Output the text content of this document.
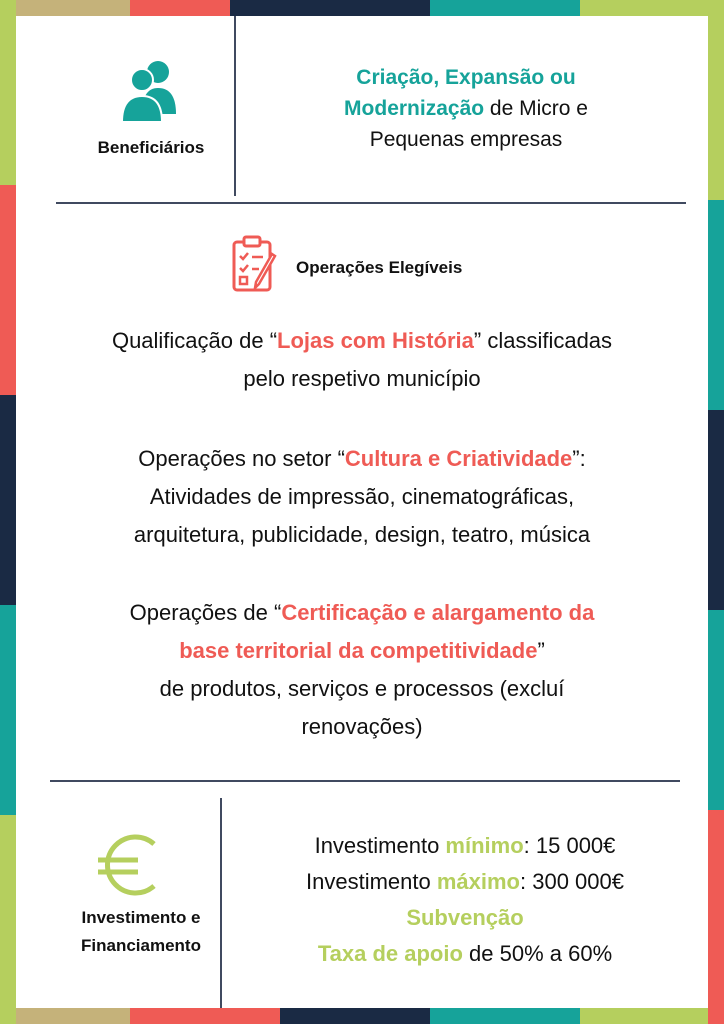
Beneficiários
Criação, Expansão ou
Modernização de Micro e
Pequenas empresas
Operações Elegíveis
Qualificação de “Lojas com História” classificadas
pelo respetivo município
Operações no setor “Cultura e Criatividade”:
Atividades de impressão, cinematográficas,
arquitetura, publicidade, design, teatro, música
Operações de “Certificação e alargamento da
base territorial da competitividade”
de produtos, serviços e processos (excluí
renovações)
Investimento e
Financiamento
Investimento mínimo: 15 000€
Investimento máximo: 300 000€
Subvenção
Taxa de apoio de 50% a 60%
